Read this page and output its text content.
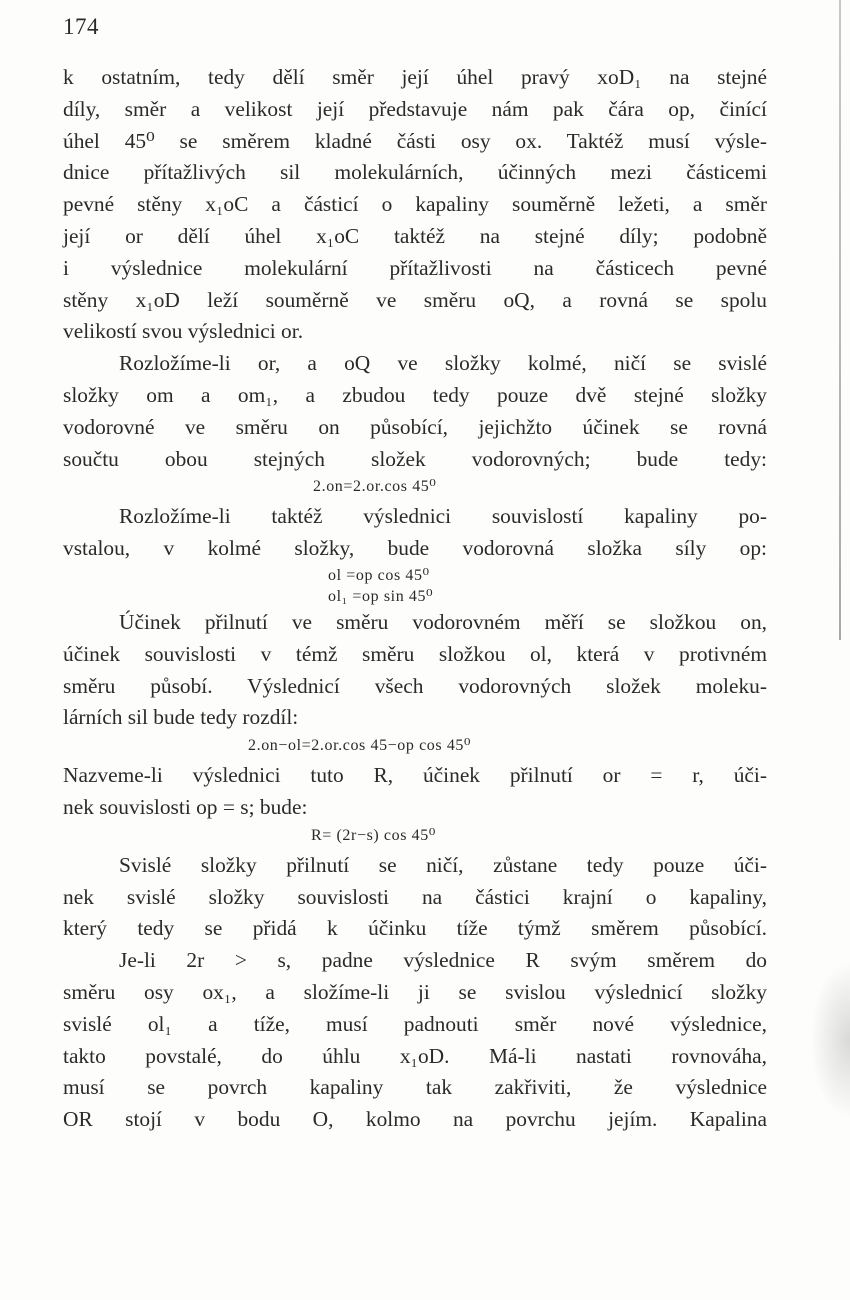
174
k ostatním, tedy dělí směr její úhel pravý xoD₁ na stejné
díly, směr a velikost její představuje nám pak čára op, činící
úhel 45⁰ se směrem kladné části osy ox. Taktéž musí výsle-
dnice přítažlivých sil molekulárních, účinných mezi částicemi
pevné stěny x₁oC a částicí o kapaliny souměrně ležeti, a směr
její or dělí úhel x₁oC taktéž na stejné díly; podobně
i výslednice molekulární přítažlivosti na částicech pevné
stěny x₁oD leží souměrně ve směru oQ, a rovná se spolu
velikostí svou výslednici or.
Rozložíme-li or, a oQ ve složky kolmé, ničí se svislé
složky om a om₁, a zbudou tedy pouze dvě stejné složky
vodorovné ve směru on působící, jejichžto účinek se rovná
součtu obou stejných složek vodorovných; bude tedy:
2.on=2.or.cos 45⁰
Rozložíme-li taktéž výslednici souvislostí kapaliny po-
vstalou, v kolmé složky, bude vodorovná složka síly op:
ol =op cos 45⁰
ol₁ =op sin 45⁰
Účinek přilnutí ve směru vodorovném měří se složkou on,
účinek souvislosti v témž směru složkou ol, která v protivném
směru působí. Výslednicí všech vodorovných složek moleku-
lárních sil bude tedy rozdíl:
2.on−ol=2.or.cos 45−op cos 45⁰
Nazveme-li výslednici tuto R, účinek přilnutí or = r, úči-
nek souvislosti op = s; bude:
R= (2r−s) cos 45⁰
Svislé složky přilnutí se ničí, zůstane tedy pouze úči-
nek svislé složky souvislosti na částici krajní o kapaliny,
který tedy se přidá k účinku tíže týmž směrem působící.
Je-li 2r > s, padne výslednice R svým směrem do
směru osy ox₁, a složíme-li ji se svislou výslednicí složky
svislé ol₁ a tíže, musí padnouti směr nové výslednice,
takto povstalé, do úhlu x₁oD. Má-li nastati rovnováha,
musí se povrch kapaliny tak zakřiviti, že výslednice
OR stojí v bodu O, kolmo na povrchu jejím. Kapalina
